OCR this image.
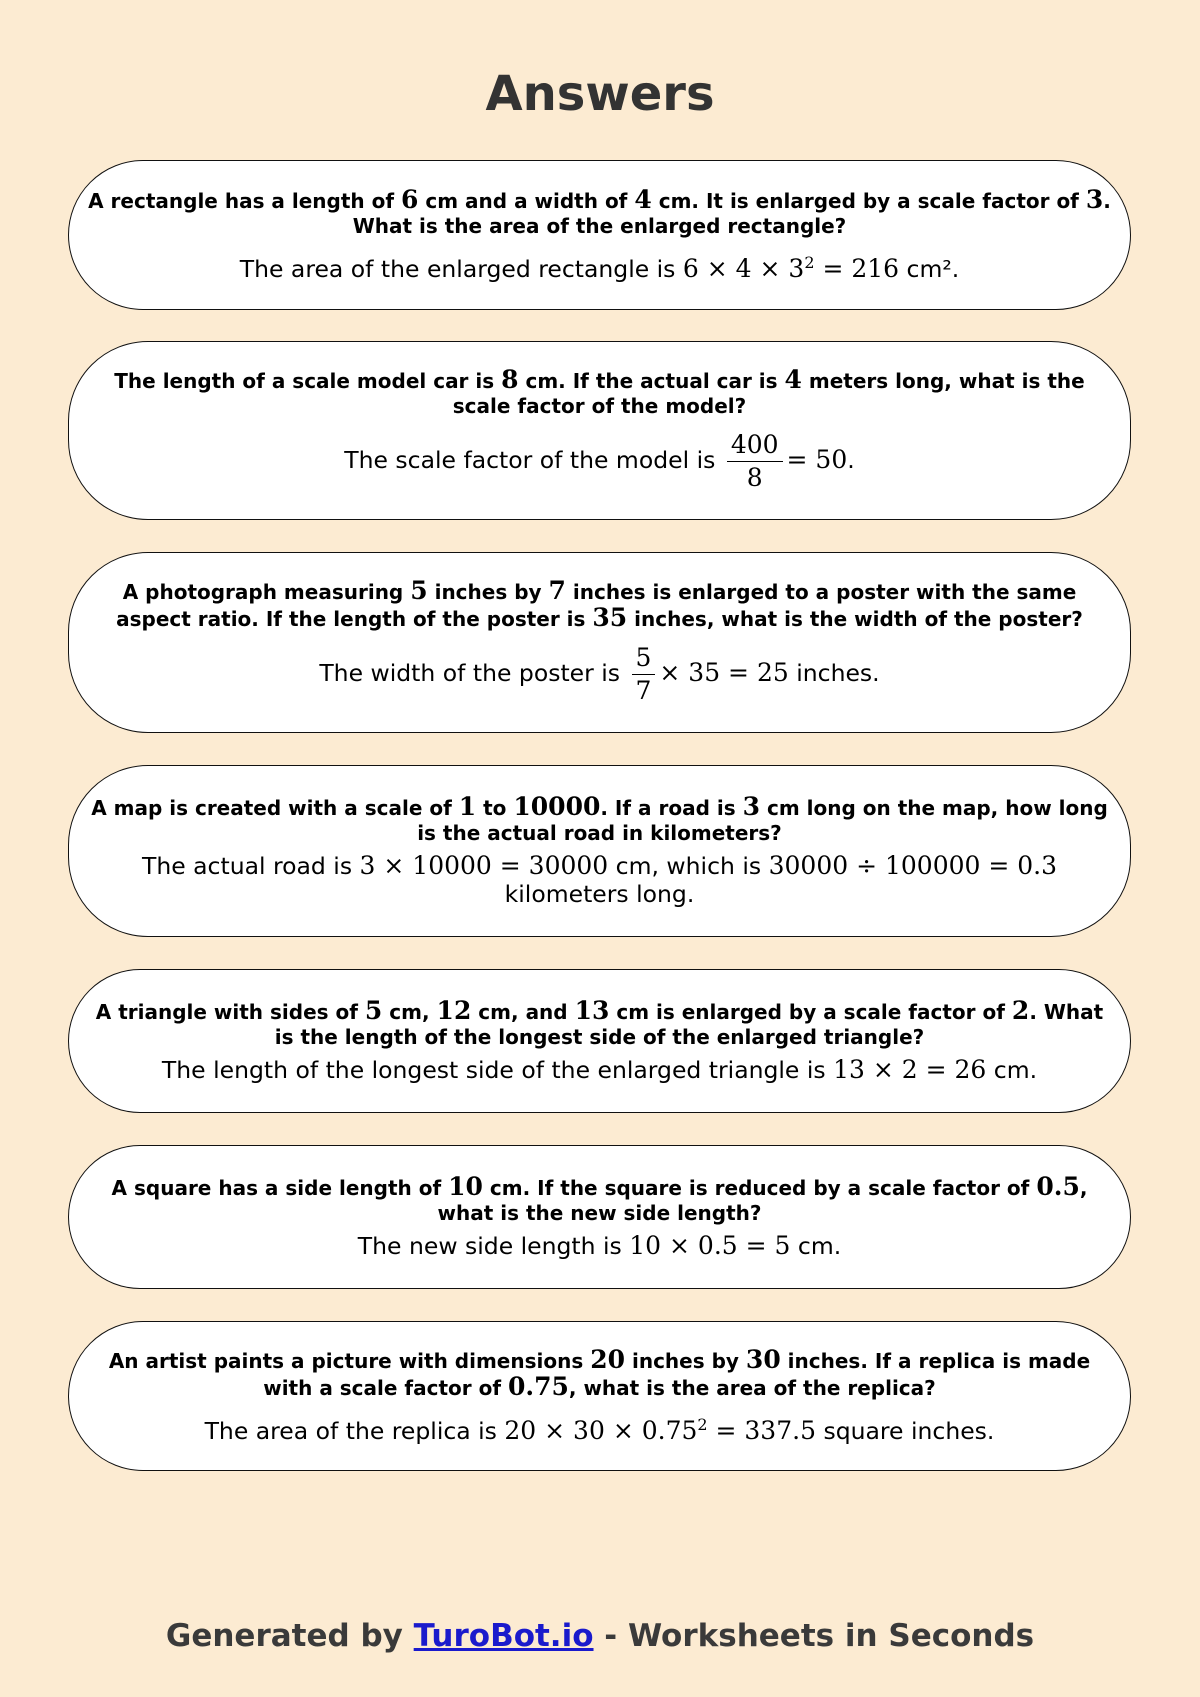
Answers
A rectangle has a length of 6 cm and a width of 4 cm. It is enlarged by a scale factor of 3. What is the area of the enlarged rectangle?
The area of the enlarged rectangle is $6 \times 4 \times 3^2 = 216$ cm².
The length of a scale model car is 8 cm. If the actual car is 4 meters long, what is the scale factor of the model?
The scale factor of the model is $\frac{400}{8} = 50$.
A photograph measuring 5 inches by 7 inches is enlarged to a poster with the same aspect ratio. If the length of the poster is 35 inches, what is the width of the poster?
The width of the poster is $\frac{5}{7} \times 35 = 25$ inches.
A map is created with a scale of 1 to 10000. If a road is 3 cm long on the map, how long is the actual road in kilometers?
The actual road is 3 × 10000 = 30000 cm, which is 30000 ÷ 100000 = 0.3 kilometers long.
A triangle with sides of 5 cm, 12 cm, and 13 cm is enlarged by a scale factor of 2. What is the length of the longest side of the enlarged triangle?
The length of the longest side of the enlarged triangle is 13 × 2 = 26 cm.
A square has a side length of 10 cm. If the square is reduced by a scale factor of 0.5, what is the new side length?
The new side length is 10 × 0.5 = 5 cm.
An artist paints a picture with dimensions 20 inches by 30 inches. If a replica is made with a scale factor of 0.75, what is the area of the replica?
The area of the replica is $20 \times 30 \times 0.75^2 = 337.5$ square inches.
Generated by TuroBot.io - Worksheets in Seconds
